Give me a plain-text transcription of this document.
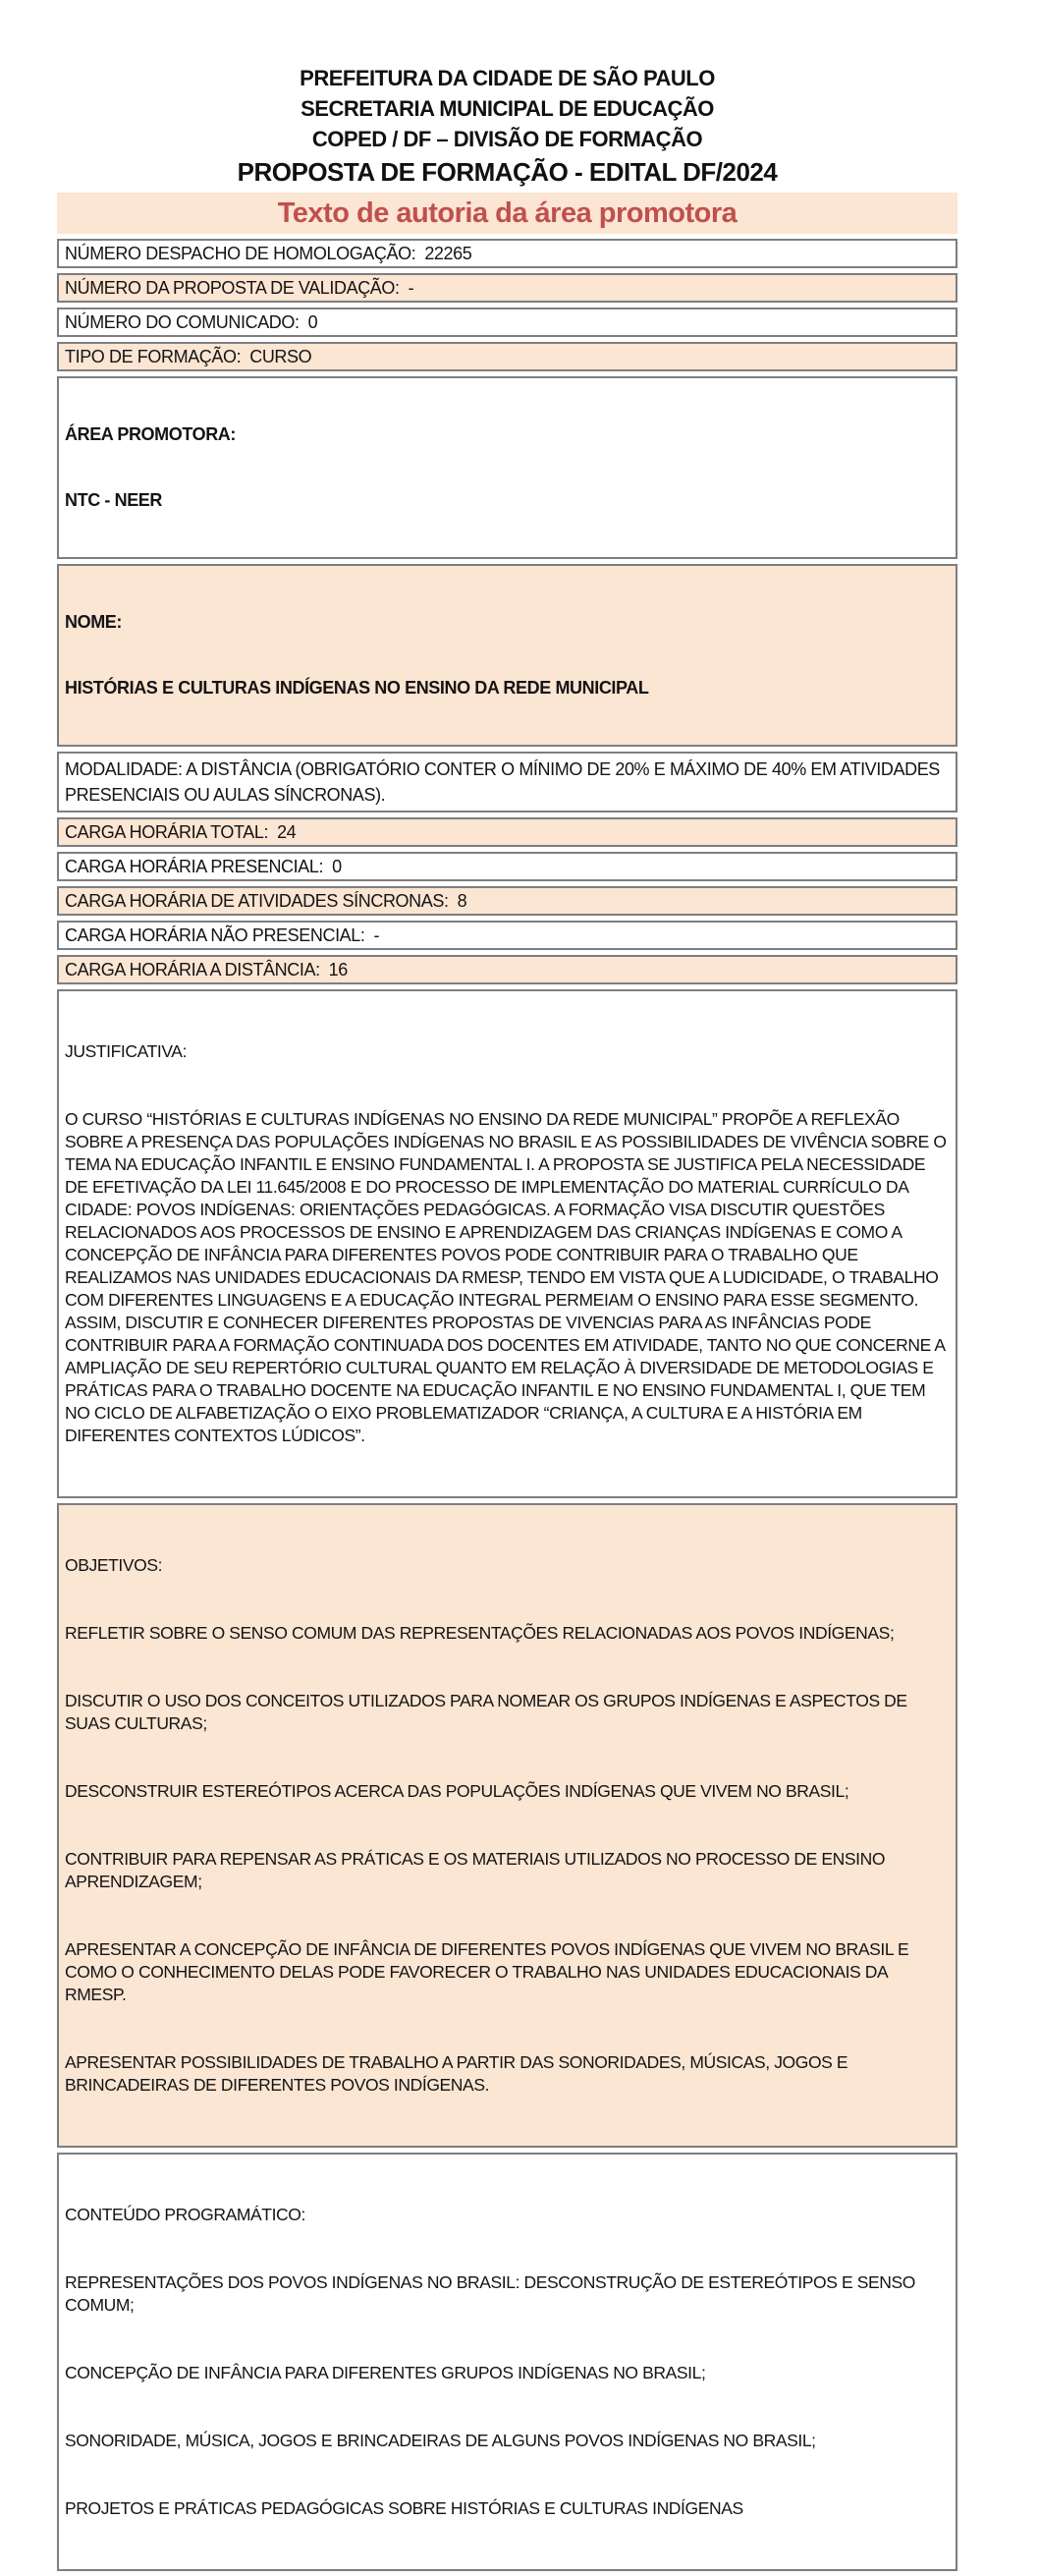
PREFEITURA DA CIDADE DE SÃO PAULO
SECRETARIA MUNICIPAL DE EDUCAÇÃO
COPED / DF – DIVISÃO DE FORMAÇÃO
PROPOSTA DE FORMAÇÃO - EDITAL DF/2024
Texto de autoria da área promotora
NÚMERO DESPACHO DE HOMOLOGAÇÃO: 22265
NÚMERO DA PROPOSTA DE VALIDAÇÃO: -
NÚMERO DO COMUNICADO: 0
TIPO DE FORMAÇÃO: CURSO

ÁREA PROMOTORA:

NTC - NEER

NOME:

HISTÓRIAS E CULTURAS INDÍGENAS NO ENSINO DA REDE MUNICIPAL

MODALIDADE: A DISTÂNCIA (OBRIGATÓRIO CONTER O MÍNIMO DE 20% E MÁXIMO DE 40% EM ATIVIDADES PRESENCIAIS OU AULAS SÍNCRONAS).
CARGA HORÁRIA TOTAL: 24
CARGA HORÁRIA PRESENCIAL: 0
CARGA HORÁRIA DE ATIVIDADES SÍNCRONAS: 8
CARGA HORÁRIA NÃO PRESENCIAL: -
CARGA HORÁRIA A DISTÂNCIA: 16

JUSTIFICATIVA:

O CURSO “HISTÓRIAS E CULTURAS INDÍGENAS NO ENSINO DA REDE MUNICIPAL” PROPÕE A REFLEXÃO SOBRE A PRESENÇA DAS POPULAÇÕES INDÍGENAS NO BRASIL E AS POSSIBILIDADES DE VIVÊNCIA SOBRE O TEMA NA EDUCAÇÃO INFANTIL E ENSINO FUNDAMENTAL I. A PROPOSTA SE JUSTIFICA PELA NECESSIDADE DE EFETIVAÇÃO DA LEI 11.645/2008 E DO PROCESSO DE IMPLEMENTAÇÃO DO MATERIAL CURRÍCULO DA CIDADE: POVOS INDÍGENAS: ORIENTAÇÕES PEDAGÓGICAS. A FORMAÇÃO VISA DISCUTIR QUESTÕES RELACIONADOS AOS PROCESSOS DE ENSINO E APRENDIZAGEM DAS CRIANÇAS INDÍGENAS E COMO A CONCEPÇÃO DE INFÂNCIA PARA DIFERENTES POVOS PODE CONTRIBUIR PARA O TRABALHO QUE REALIZAMOS NAS UNIDADES EDUCACIONAIS DA RMESP, TENDO EM VISTA QUE A LUDICIDADE, O TRABALHO COM DIFERENTES LINGUAGENS E A EDUCAÇÃO INTEGRAL PERMEIAM O ENSINO PARA ESSE SEGMENTO. ASSIM, DISCUTIR E CONHECER DIFERENTES PROPOSTAS DE VIVENCIAS PARA AS INFÂNCIAS PODE CONTRIBUIR PARA A FORMAÇÃO CONTINUADA DOS DOCENTES EM ATIVIDADE, TANTO NO QUE CONCERNE A AMPLIAÇÃO DE SEU REPERTÓRIO CULTURAL QUANTO EM RELAÇÃO À DIVERSIDADE DE METODOLOGIAS E PRÁTICAS PARA O TRABALHO DOCENTE NA EDUCAÇÃO INFANTIL E NO ENSINO FUNDAMENTAL I, QUE TEM NO CICLO DE ALFABETIZAÇÃO O EIXO PROBLEMATIZADOR “CRIANÇA, A CULTURA E A HISTÓRIA EM DIFERENTES CONTEXTOS LÚDICOS”.

OBJETIVOS:

REFLETIR SOBRE O SENSO COMUM DAS REPRESENTAÇÕES RELACIONADAS AOS POVOS INDÍGENAS;

DISCUTIR O USO DOS CONCEITOS UTILIZADOS PARA NOMEAR OS GRUPOS INDÍGENAS E ASPECTOS DE SUAS CULTURAS;

DESCONSTRUIR ESTEREÓTIPOS ACERCA DAS POPULAÇÕES INDÍGENAS QUE VIVEM NO BRASIL;

CONTRIBUIR PARA REPENSAR AS PRÁTICAS E OS MATERIAIS UTILIZADOS NO PROCESSO DE ENSINO APRENDIZAGEM;

APRESENTAR A CONCEPÇÃO DE INFÂNCIA DE DIFERENTES POVOS INDÍGENAS QUE VIVEM NO BRASIL E COMO O CONHECIMENTO DELAS PODE FAVORECER O TRABALHO NAS UNIDADES EDUCACIONAIS DA RMESP.

APRESENTAR POSSIBILIDADES DE TRABALHO A PARTIR DAS SONORIDADES, MÚSICAS, JOGOS E BRINCADEIRAS DE DIFERENTES POVOS INDÍGENAS.

CONTEÚDO PROGRAMÁTICO:

REPRESENTAÇÕES DOS POVOS INDÍGENAS NO BRASIL: DESCONSTRUÇÃO DE ESTEREÓTIPOS E SENSO COMUM;

CONCEPÇÃO DE INFÂNCIA PARA DIFERENTES GRUPOS INDÍGENAS NO BRASIL;

SONORIDADE, MÚSICA, JOGOS E BRINCADEIRAS DE ALGUNS POVOS INDÍGENAS NO BRASIL;

PROJETOS E PRÁTICAS PEDAGÓGICAS SOBRE HISTÓRIAS E CULTURAS INDÍGENAS
